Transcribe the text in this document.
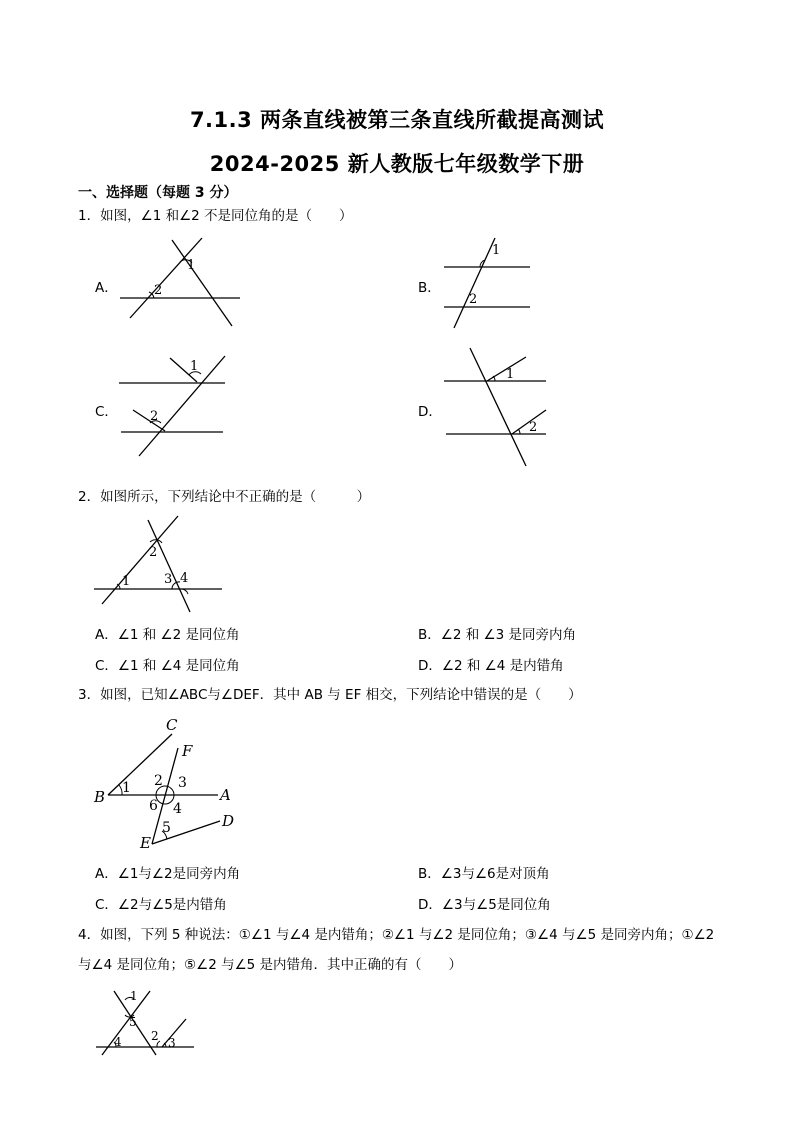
7.1.3 两条直线被第三条直线所截提高测试
2024-2025 新人教版七年级数学下册
一、选择题（每题 3 分）
1．如图，∠1 和∠2 不是同位角的是（　　）
A．
1
2	B．
1
2
C．
1
2	D．
1
2
2．如图所示，下列结论中不正确的是（　　　）
1
2
3 4
A．∠1 和 ∠2 是同位角	B．∠2 和 ∠3 是同旁内角
C．∠1 和 ∠4 是同位角	D．∠2 和 ∠4 是内错角
3．如图，已知∠ABC与∠DEF．其中 AB 与 EF 相交，下列结论中错误的是（　　）
C
F
B	A
E
D
1 2 3
6 4
5
A．∠1与∠2是同旁内角	B．∠3与∠6是对顶角
C．∠2与∠5是内错角	D．∠3与∠5是同位角
4．如图，下列 5 种说法：①∠1 与∠4 是内错角；②∠1 与∠2 是同位角；③∠4 与∠5 是同旁内角；①∠2
与∠4 是同位角；⑤∠2 与∠5 是内错角．其中正确的有（　　）
1
5
2
4	3
